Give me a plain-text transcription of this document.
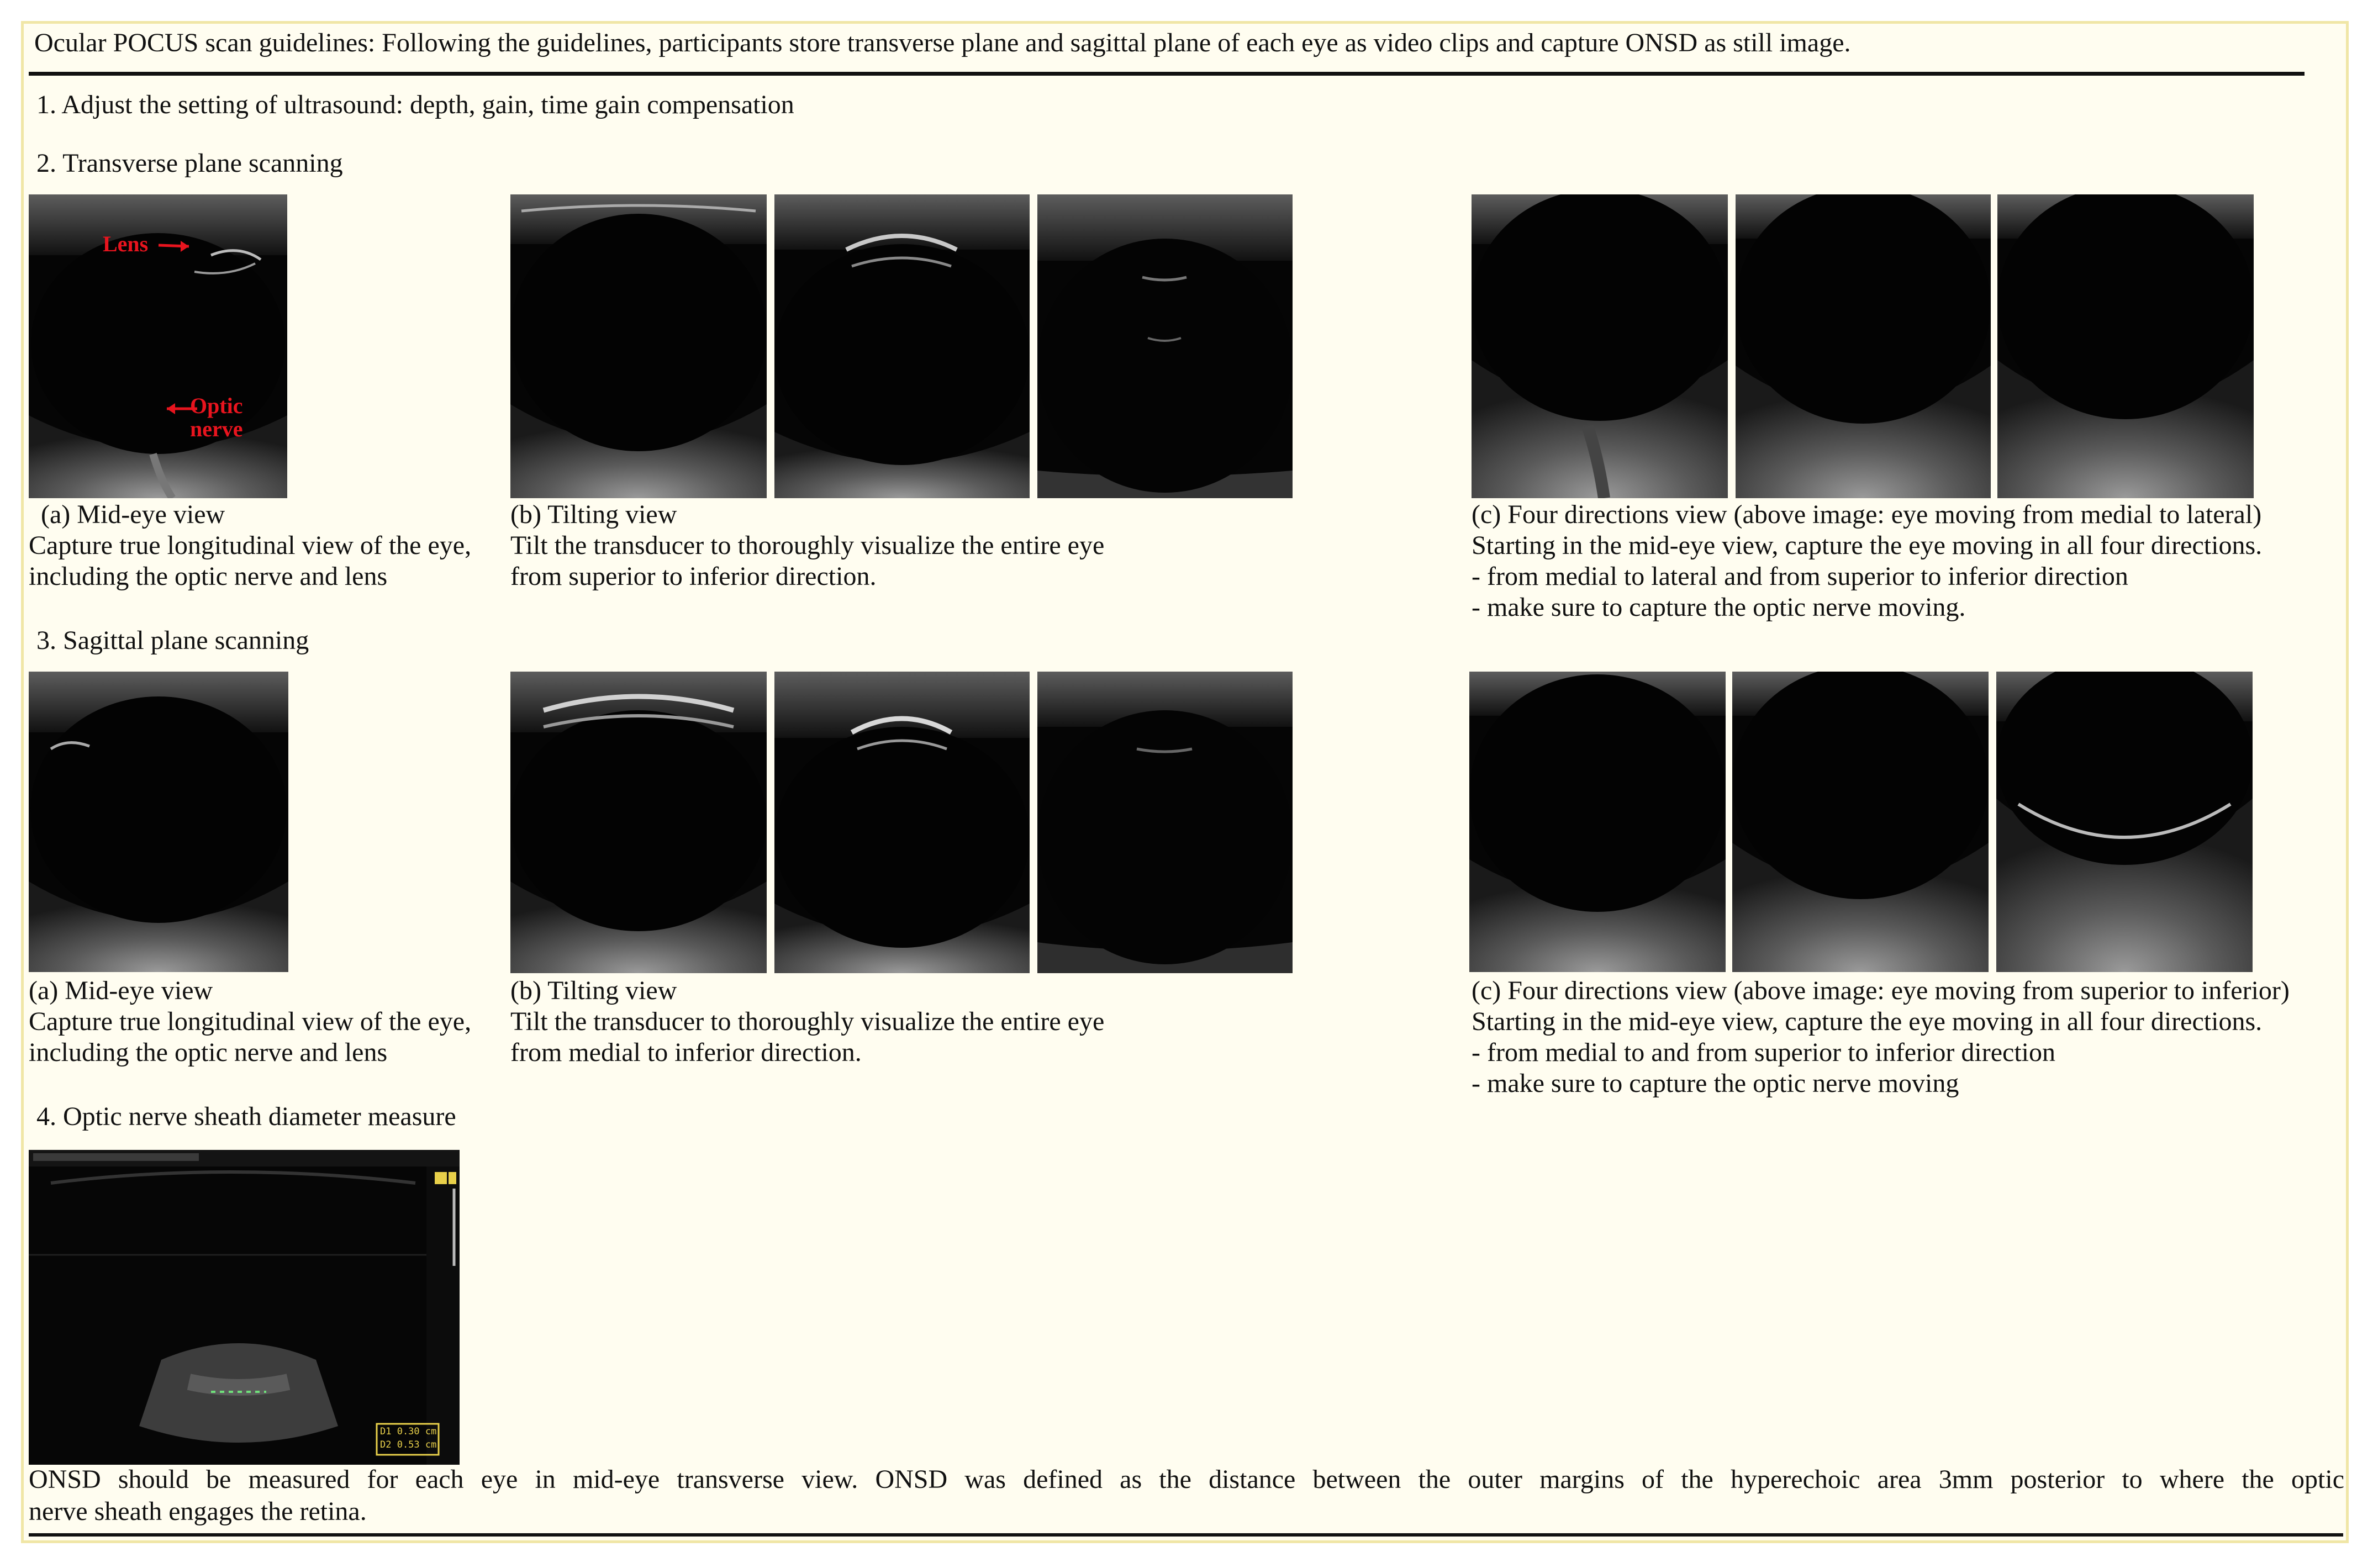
Ocular POCUS scan guidelines: Following the guidelines, participants store transverse plane and sagittal plane of each eye as video clips and capture ONSD as still image.
1. Adjust the setting of ultrasound: depth, gain, time gain compensation
2. Transverse plane scanning
Lens
Optic
nerve
(a) Mid-eye view
Capture true longitudinal view of the eye,
including the optic nerve and lens
(b) Tilting view
Tilt the transducer to thoroughly visualize the entire eye
from superior to inferior direction.
(c) Four directions view (above image: eye moving from medial to lateral)
Starting in the mid-eye view, capture the eye moving in all four directions.
- from medial to lateral and from superior to inferior direction
- make sure to capture the optic nerve moving.
3. Sagittal plane scanning
(a) Mid-eye view
Capture true longitudinal view of the eye,
including the optic nerve and lens
(b) Tilting view
Tilt the transducer to thoroughly visualize the entire eye
from medial to inferior direction.
(c) Four directions view (above image: eye moving from superior to inferior)
Starting in the mid-eye view, capture the eye moving in all four directions.
- from medial to and from superior to inferior direction
- make sure to capture the optic nerve moving
4. Optic nerve sheath diameter measure
D1 0.30 cm
D2 0.53 cm
ONSD should be measured for each eye in mid-eye transverse view. ONSD was defined as the distance between the outer margins of the hyperechoic area 3mm posterior to where the optic
nerve sheath engages the retina.
